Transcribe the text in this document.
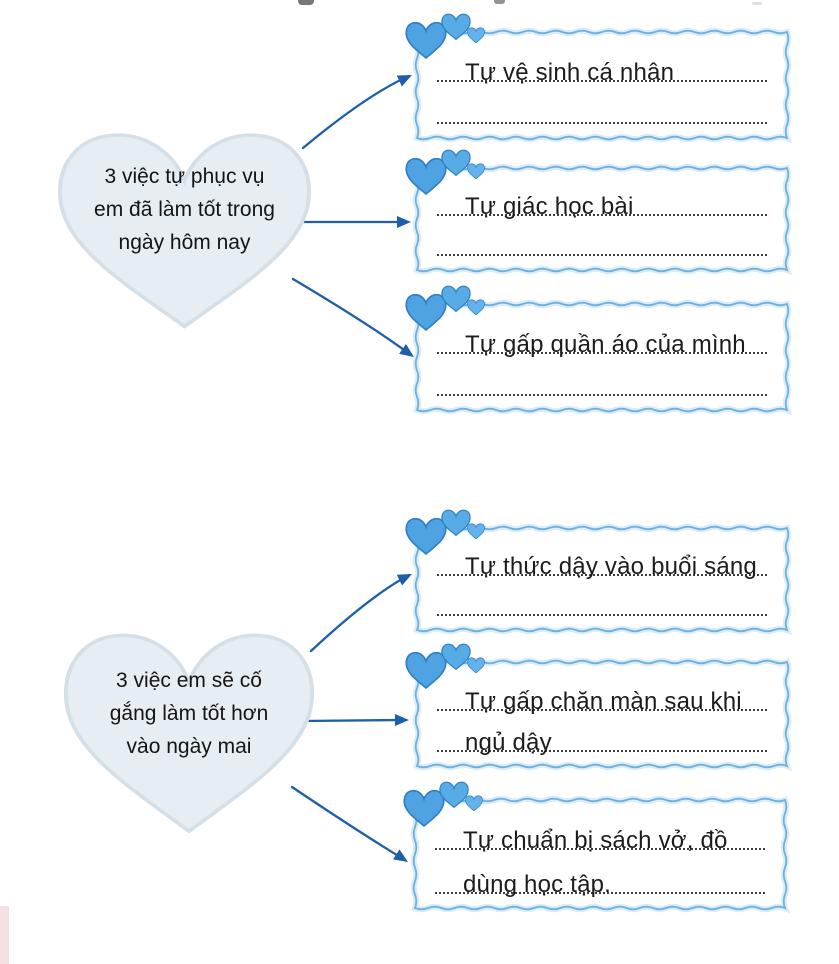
3 việc tự phục vụ
em đã làm tốt trong
ngày hôm nay
3 việc em sẽ cố
gắng làm tốt hơn
vào ngày mai
Tự vệ sinh cá nhân
Tự giác học bài
Tự gấp quần áo của mình
Tự thức dậy vào buổi sáng
Tự gấp chăn màn sau khi
ngủ dậy
Tự chuẩn bị sách vở, đồ
dùng học tập.
